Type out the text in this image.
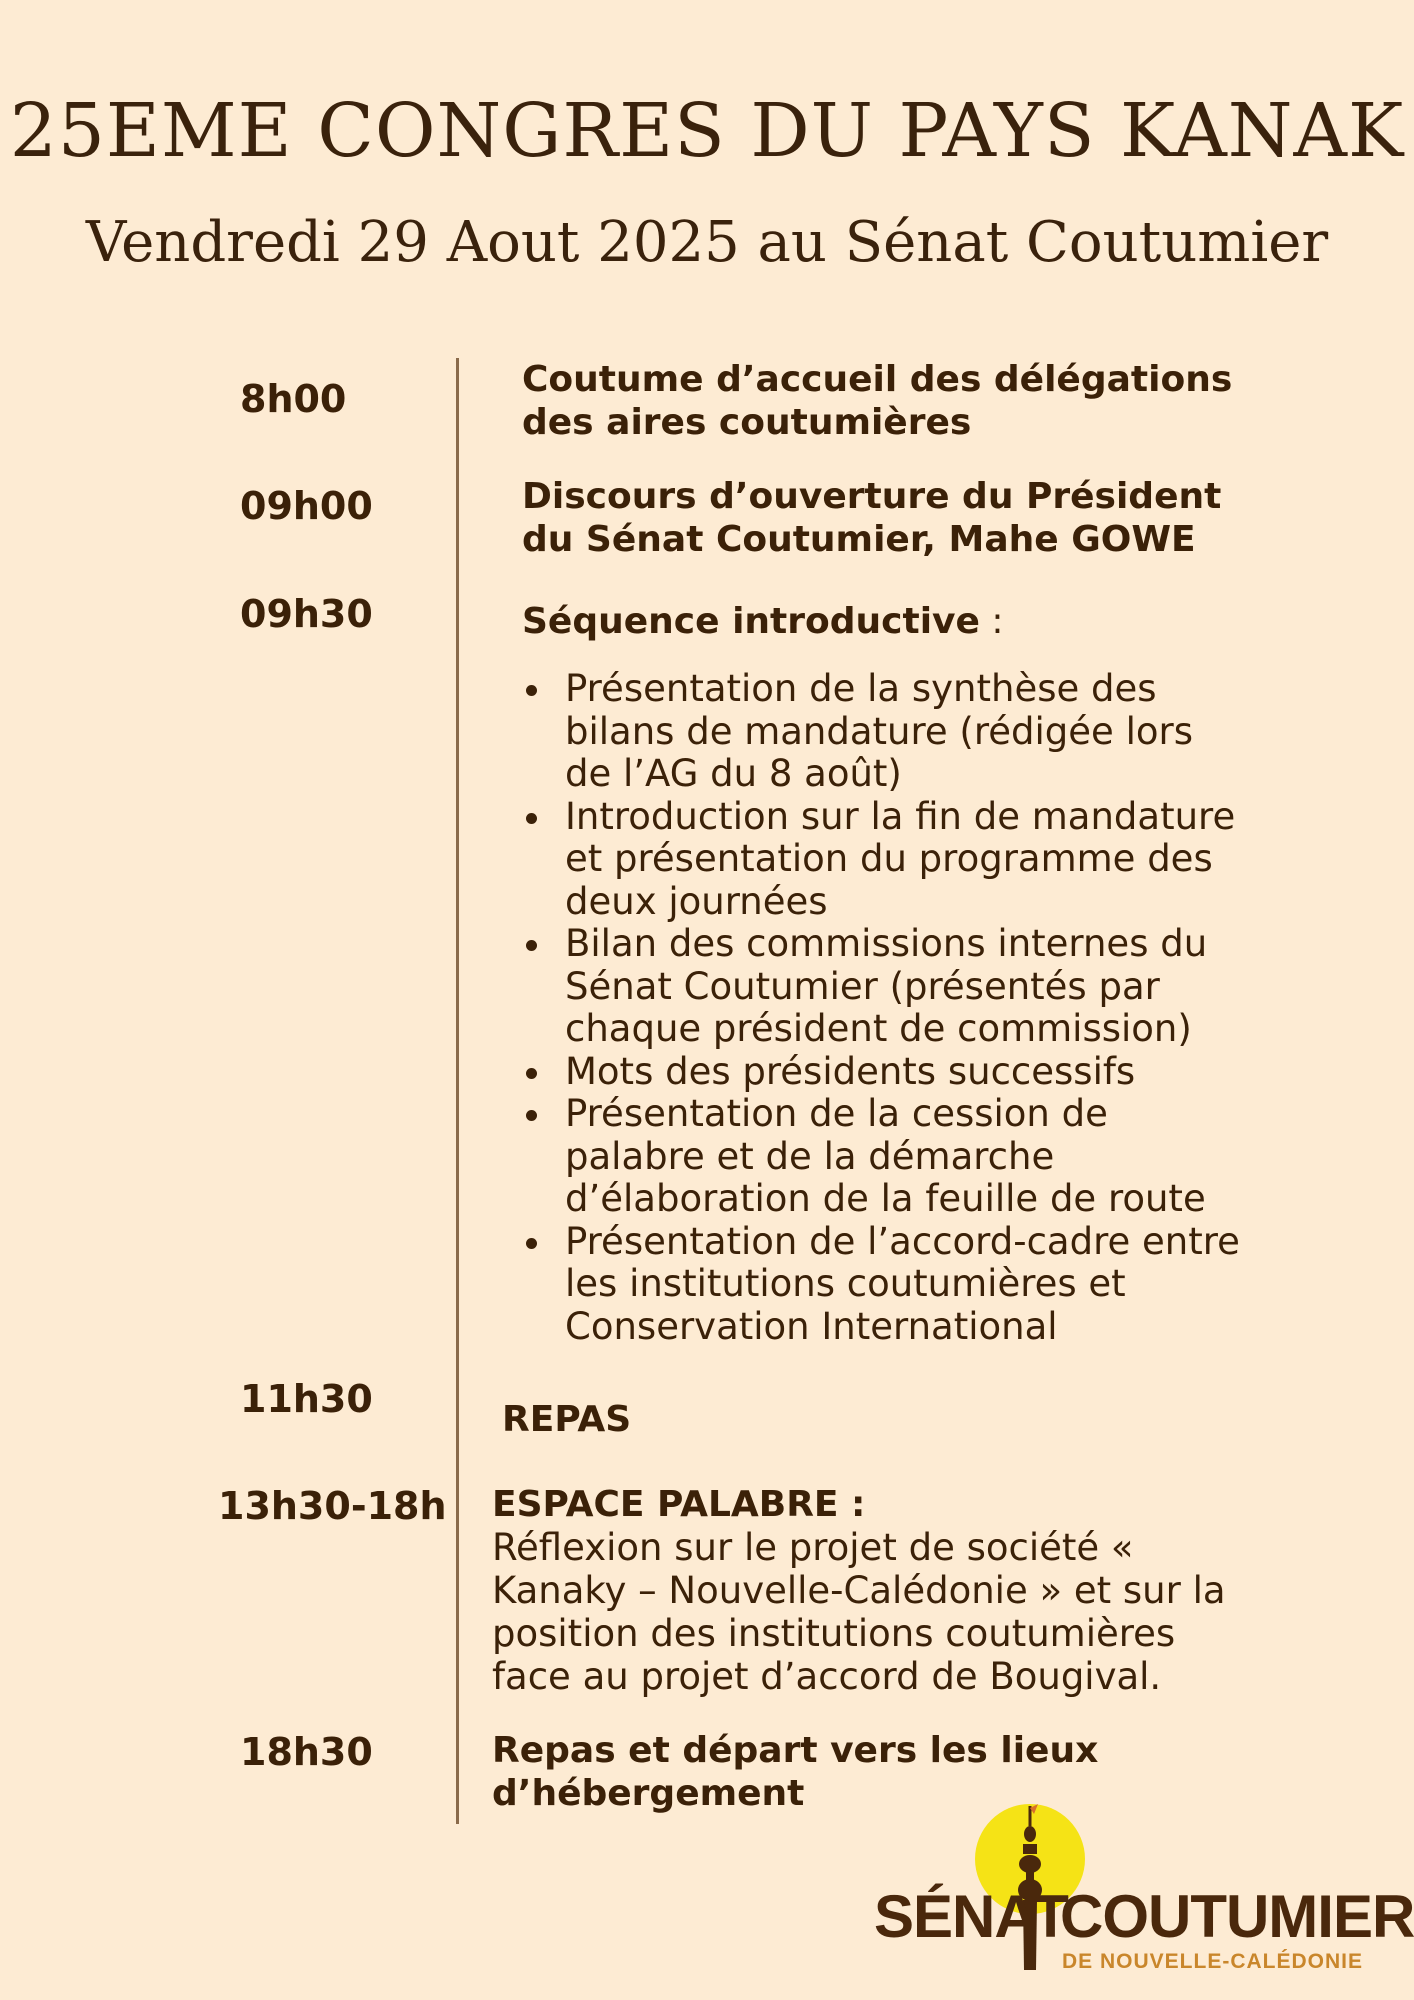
25EME CONGRES DU PAYS KANAK
Vendredi 29 Aout 2025 au Sénat Coutumier
8h00	Coutume d’accueil des délégations
des aires coutumières
09h00	Discours d’ouverture du Président
du Sénat Coutumier, Mahe GOWE
09h30	Séquence introductive :
Présentation de la synthèse des
bilans de mandature (rédigée lors
de l’AG du 8 août)
Introduction sur la fin de mandature
et présentation du programme des
deux journées
Bilan des commissions internes du
Sénat Coutumier (présentés par
chaque président de commission)
Mots des présidents successifs
Présentation de la cession de
palabre et de la démarche
d’élaboration de la feuille de route
Présentation de l’accord-cadre entre
les institutions coutumières et
Conservation International
11h30	REPAS
13h30-18h ESPACE PALABRE :
Réflexion sur le projet de société «
Kanaky – Nouvelle-Calédonie » et sur la
position des institutions coutumières
face au projet d’accord de Bougival.
18h30	Repas et départ vers les lieux
d’hébergement
SÉNAT
COUTUMIER
DE NOUVELLE-CALÉDONIE
